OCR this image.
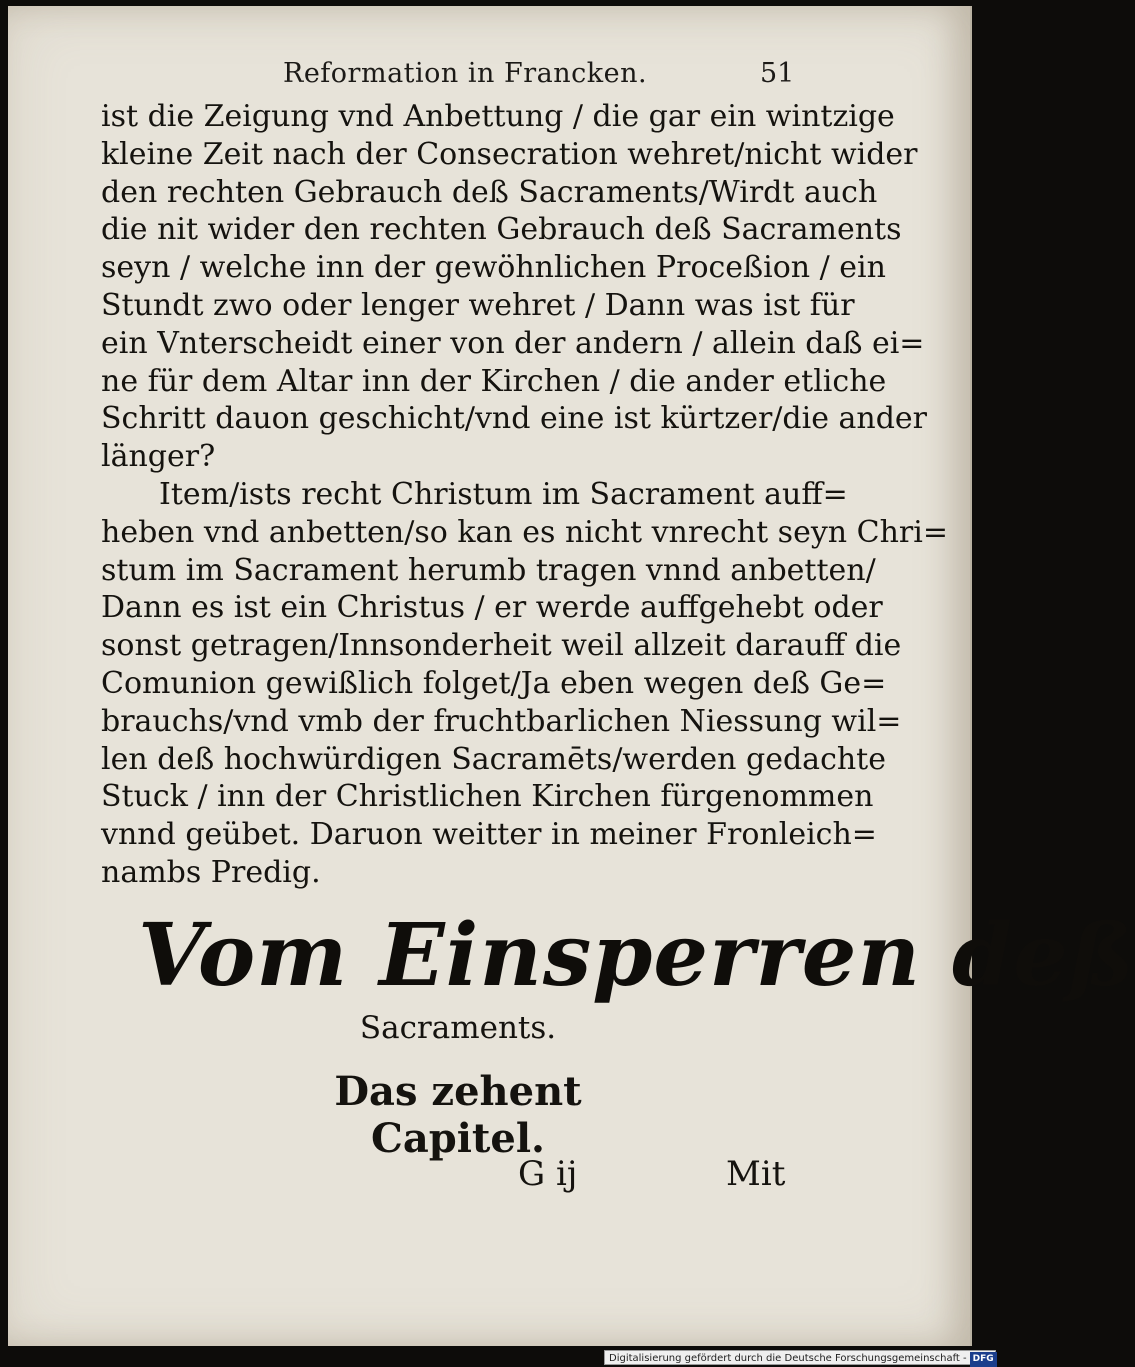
Reformation in Francken.	51
ist die Zeigung vnd Anbettung / die gar ein wintzige
kleine Zeit nach der Consecration wehret/nicht wider
den rechten Gebrauch deß Sacraments/Wirdt auch
die nit wider den rechten Gebrauch deß Sacraments
seyn / welche inn der gewöhnlichen Proceßion / ein
Stundt zwo oder lenger wehret / Dann was ist für
ein Vnterscheidt einer von der andern / allein daß ei=
ne für dem Altar inn der Kirchen / die ander etliche
Schritt dauon geschicht/vnd eine ist kürtzer/die ander
länger?
Item/ists recht Christum im Sacrament auff=
heben vnd anbetten/so kan es nicht vnrecht seyn Chri=
stum im Sacrament herumb tragen vnnd anbetten/
Dann es ist ein Christus / er werde auffgehebt oder
sonst getragen/Innsonderheit weil allzeit darauff die
Comunion gewißlich folget/Ja eben wegen deß Ge=
brauchs/vnd vmb der fruchtbarlichen Niessung wil=
len deß hochwürdigen Sacramēts/werden gedachte
Stuck / inn der Christlichen Kirchen fürgenommen
vnnd geübet. Daruon weitter in meiner Fronleich=
nambs Predig.
Vom Einsperren deß
Sacraments.
Das zehent Capitel.
G ij	Mit
Digitalisierung gefördert durch die Deutsche Forschungsgemeinschaft - DFG
